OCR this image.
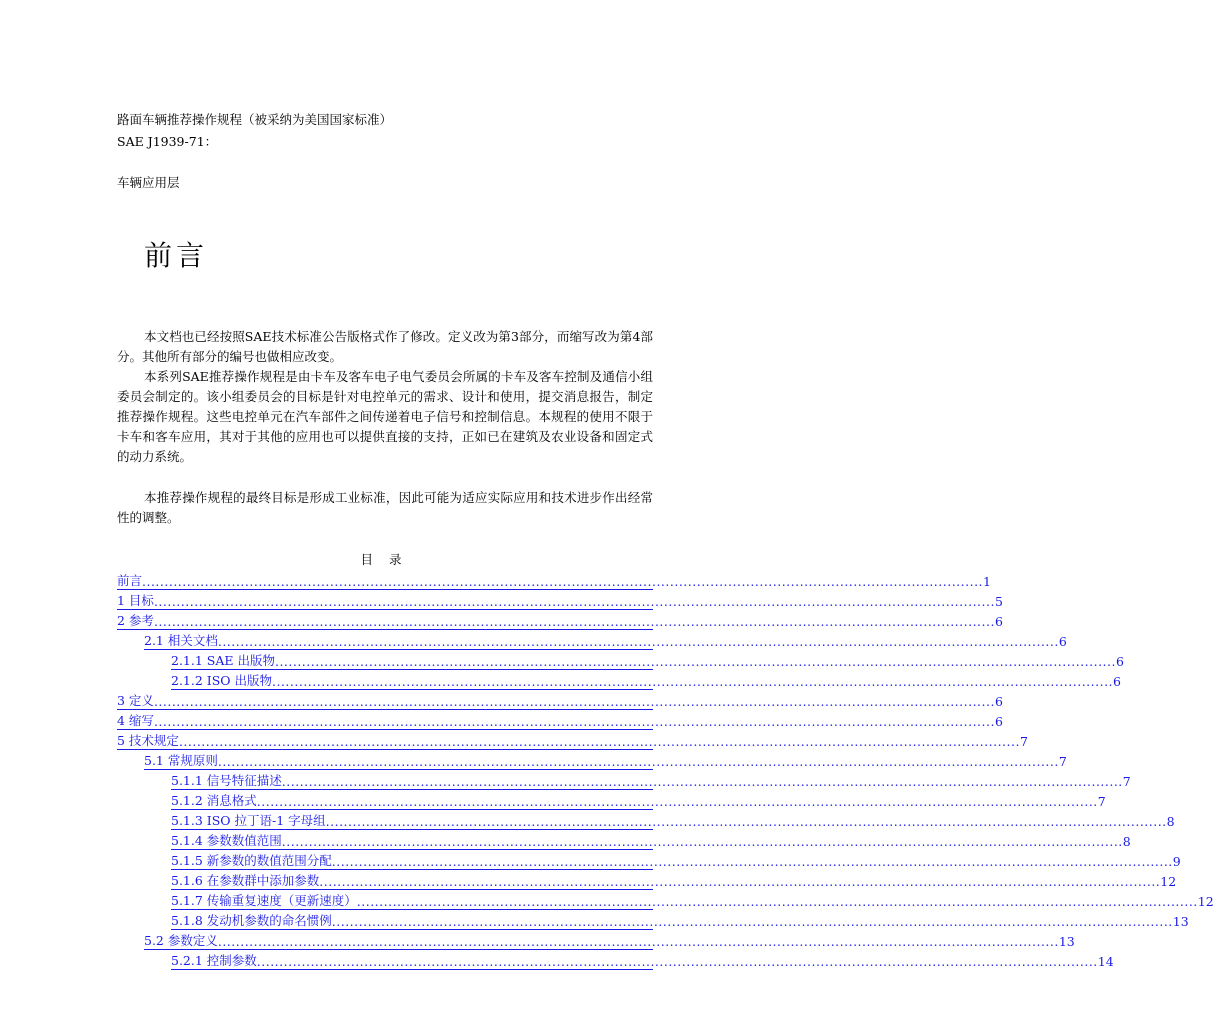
路面车辆推荐操作规程（被采纳为美国国家标准）
SAE J1939-71：
车辆应用层
前言

本文档也已经按照SAE技术标准公告版格式作了修改。定义改为第3部分，而缩写改为第4部分。其他所有部分的编号也做相应改变。

本系列SAE推荐操作规程是由卡车及客车电子电气委员会所属的卡车及客车控制及通信小组委员会制定的。该小组委员会的目标是针对电控单元的需求、设计和使用，提交消息报告，制定推荐操作规程。这些电控单元在汽车部件之间传递着电子信号和控制信息。本规程的使用不限于卡车和客车应用，其对于其他的应用也可以提供直接的支持，正如已在建筑及农业设备和固定式的动力系统。

本推荐操作规程的最终目标是形成工业标准，因此可能为适应实际应用和技术进步作出经常性的调整。

目 录
前言 ............................................................................................................................................................................................ 1
1 目标 ............................................................................................................................................................................................ 5
2 参考 ............................................................................................................................................................................................ 6
2.1 相关文档 ............................................................................................................................................................................................ 6
2.1.1 SAE 出版物 ............................................................................................................................................................................................ 6
2.1.2 ISO 出版物 ............................................................................................................................................................................................ 6
3 定义 ............................................................................................................................................................................................ 6
4 缩写 ............................................................................................................................................................................................ 6
5 技术规定 ............................................................................................................................................................................................ 7
5.1 常规原则 ............................................................................................................................................................................................ 7
5.1.1 信号特征描述 ............................................................................................................................................................................................ 7
5.1.2 消息格式 ............................................................................................................................................................................................ 7
5.1.3 ISO 拉丁语-1 字母组 ............................................................................................................................................................................................ 8
5.1.4 参数数值范围 ............................................................................................................................................................................................ 8
5.1.5 新参数的数值范围分配 ............................................................................................................................................................................................ 9
5.1.6 在参数群中添加参数 ............................................................................................................................................................................................ 12
5.1.7 传输重复速度（更新速度） ............................................................................................................................................................................................ 12
5.1.8 发动机参数的命名惯例 ............................................................................................................................................................................................ 13
5.2 参数定义 ............................................................................................................................................................................................ 13
5.2.1 控制参数 ............................................................................................................................................................................................ 14
